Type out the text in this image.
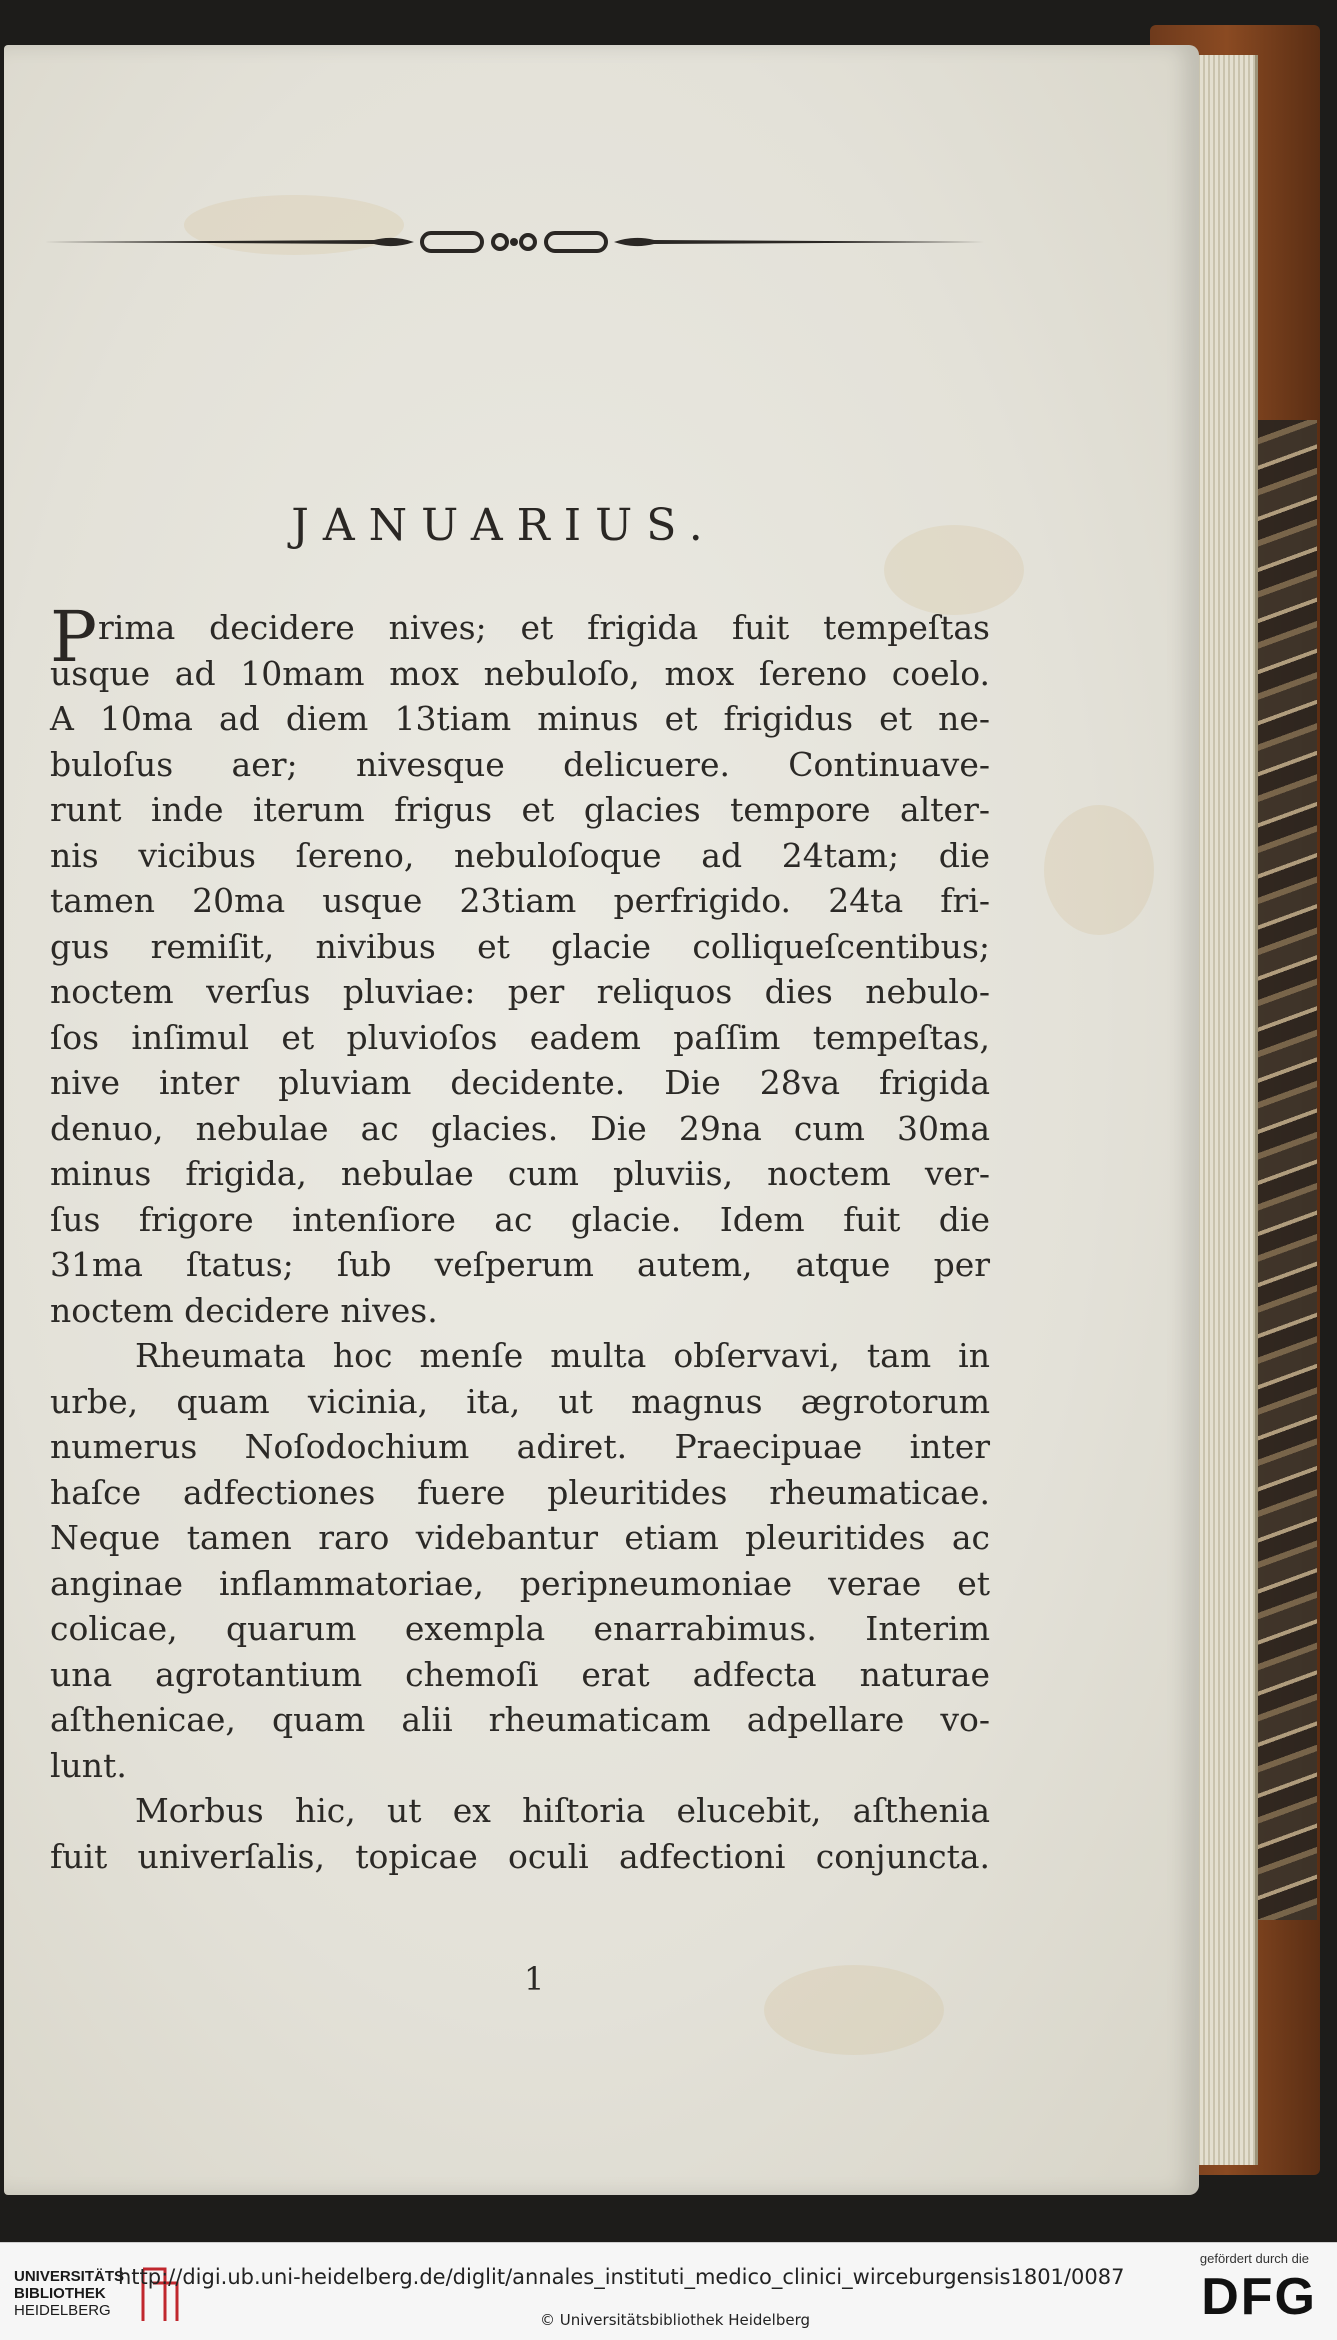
JANUARIUS.
P rima decidere nives; et frigida fuit tempeſtas
usque ad 10mam mox nebuloſo, mox ſereno coelo.
A 10ma ad diem 13tiam minus et frigidus et ne-
buloſus aer; nivesque delicuere. Continuave-
runt inde iterum frigus et glacies tempore alter-
nis vicibus ſereno, nebuloſoque ad 24tam; die
tamen 20ma usque 23tiam perfrigido. 24ta fri-
gus remiſit, nivibus et glacie colliqueſcentibus;
noctem verſus pluviae: per reliquos dies nebulo-
ſos inſimul et pluvioſos eadem paſſim tempeſtas,
nive inter pluviam decidente. Die 28va frigida
denuo, nebulae ac glacies. Die 29na cum 30ma
minus frigida, nebulae cum pluviis, noctem ver-
ſus frigore intenſiore ac glacie. Idem fuit die
31ma ſtatus; ſub veſperum autem, atque per
noctem decidere nives.
Rheumata hoc menſe multa obſervavi, tam in
urbe, quam vicinia, ita, ut magnus ægrotorum
numerus Noſodochium adiret. Praecipuae inter
haſce adfectiones fuere pleuritides rheumaticae.
Neque tamen raro videbantur etiam pleuritides ac
anginae inflammatoriae, peripneumoniae verae et
colicae, quarum exempla enarrabimus. Interim
una agrotantium chemoſi erat adfecta naturae
aſthenicae, quam alii rheumaticam adpellare vo-
lunt.
Morbus hic, ut ex hiſtoria elucebit, aſthenia
fuit univerſalis, topicae oculi adfectioni conjuncta.
1
UNIVERSITÄTS
BIBLIOTHEK
HEIDELBERG
http://digi.ub.uni-heidelberg.de/diglit/annales_instituti_medico_clinici_wirceburgensis1801/0087
© Universitätsbibliothek Heidelberg
gefördert durch die
DFG
